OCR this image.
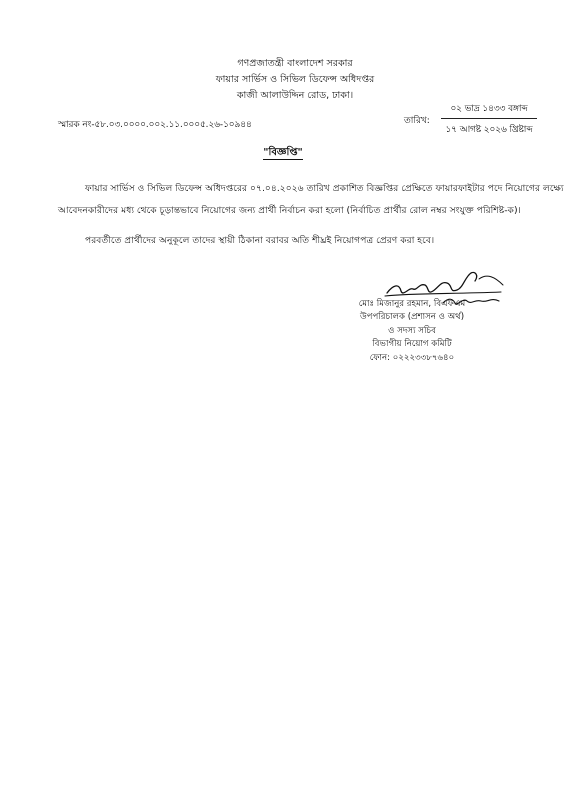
গণপ্রজাতন্ত্রী বাংলাদেশ সরকার
ফায়ার সার্ভিস ও সিভিল ডিফেন্স অধিদপ্তর
কাজী আলাউদ্দিন রোড, ঢাকা।
স্মারক নং-৫৮.০৩.০০০০.০০২.১১.০০০৫.২৬-১০৯৪৪	তারিখ:
০২ ভাদ্র ১৪৩৩ বঙ্গাব্দ
১৭ আগষ্ট ২০২৬ খ্রিষ্টাব্দ
"বিজ্ঞপ্তি"
ফায়ার সার্ভিস ও সিভিল ডিফেন্স অধিদপ্তরের ০৭.০৪.২০২৬ তারিখ প্রকাশিত বিজ্ঞপ্তির প্রেক্ষিতে ফায়ারফাইটার পদে নিয়োগের লক্ষ্যে
আবেদনকারীদের মধ্য থেকে চূড়ান্তভাবে নিয়োগের জন্য প্রার্থী নির্বাচন করা হলো (নির্বাচিত প্রার্থীর রোল নম্বর সংযুক্ত পরিশিষ্ট-ক)।
পরবর্তীতে প্রার্থীদের অনুকূলে তাদের স্থায়ী ঠিকানা বরাবর অতি শীঘ্রই নিয়োগপত্র প্রেরণ করা হবে।
মোঃ মিজানুর রহমান, বিএফএম
উপপরিচালক (প্রশাসন ও অর্থ)
ও সদস্য সচিব
বিভাগীয় নিয়োগ কমিটি
ফোন: ০২২২৩৩৮৭৬৪০
